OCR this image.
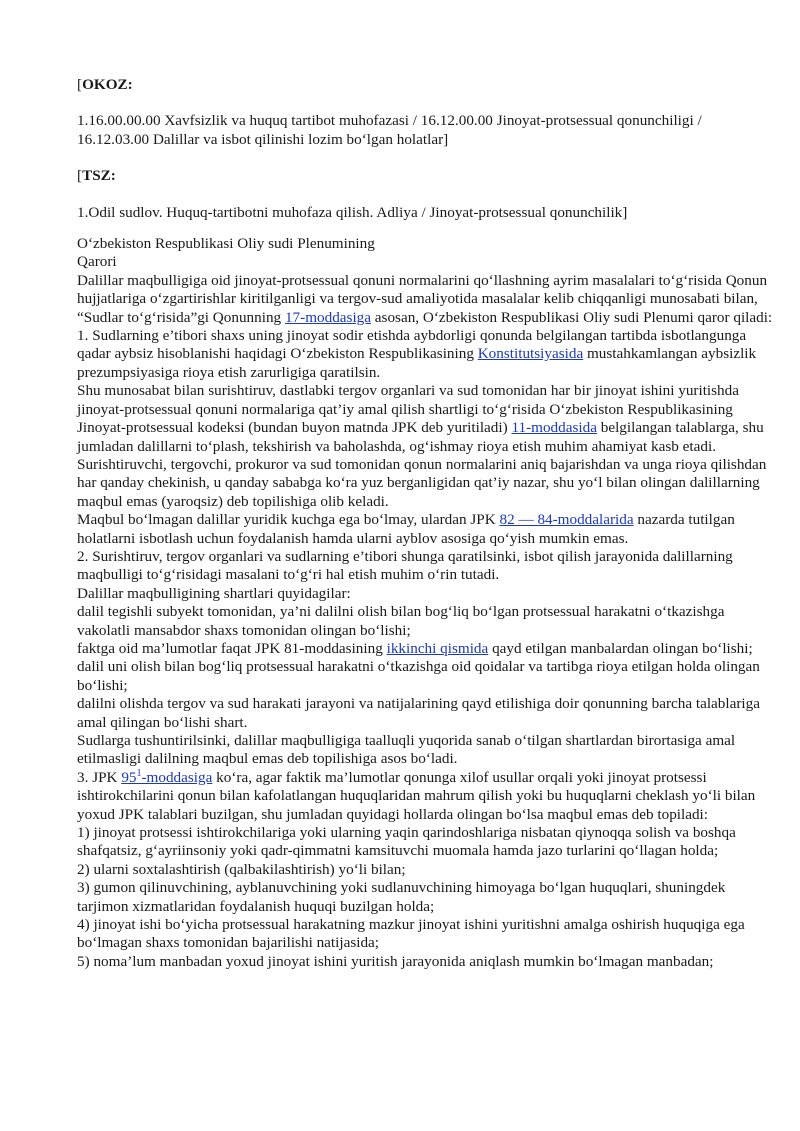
[OKOZ:

1.16.00.00.00 Xavfsizlik va huquq tartibot muhofazasi / 16.12.00.00 Jinoyat-protsessual qonunchiligi / 16.12.03.00 Dalillar va isbot qilinishi lozim bo‘lgan holatlar]

[TSZ:

1.Odil sudlov. Huquq-tartibotni muhofaza qilish. Adliya / Jinoyat-protsessual qonunchilik]

O‘zbekiston Respublikasi Oliy sudi Plenumining

Qarori

Dalillar maqbulligiga oid jinoyat-protsessual qonuni normalarini qo‘llashning ayrim masalalari to‘g‘risida Qonun hujjatlariga o‘zgartirishlar kiritilganligi va tergov-sud amaliyotida masalalar kelib chiqqanligi munosabati bilan, “Sudlar to‘g‘risida”gi Qonunning 17-moddasiga asosan, O‘zbekiston Respublikasi Oliy sudi Plenumi qaror qiladi:

1. Sudlarning e’tibori shaxs uning jinoyat sodir etishda aybdorligi qonunda belgilangan tartibda isbotlangunga qadar aybsiz hisoblanishi haqidagi O‘zbekiston Respublikasining Konstitutsiyasida mustahkamlangan aybsizlik prezumpsiyasiga rioya etish zarurligiga qaratilsin.

Shu munosabat bilan surishtiruv, dastlabki tergov organlari va sud tomonidan har bir jinoyat ishini yuritishda jinoyat-protsessual qonuni normalariga qat’iy amal qilish shartligi to‘g‘risida O‘zbekiston Respublikasining Jinoyat-protsessual kodeksi (bundan buyon matnda JPK deb yuritiladi) 11-moddasida belgilangan talablarga, shu jumladan dalillarni to‘plash, tekshirish va baholashda, og‘ishmay rioya etish muhim ahamiyat kasb etadi.

Surishtiruvchi, tergovchi, prokuror va sud tomonidan qonun normalarini aniq bajarishdan va unga rioya qilishdan har qanday chekinish, u qanday sababga ko‘ra yuz berganligidan qat’iy nazar, shu yo‘l bilan olingan dalillarning maqbul emas (yaroqsiz) deb topilishiga olib keladi.

Maqbul bo‘lmagan dalillar yuridik kuchga ega bo‘lmay, ulardan JPK 82 — 84-moddalarida nazarda tutilgan holatlarni isbotlash uchun foydalanish hamda ularni ayblov asosiga qo‘yish mumkin emas.

2. Surishtiruv, tergov organlari va sudlarning e’tibori shunga qaratilsinki, isbot qilish jarayonida dalillarning maqbulligi to‘g‘risidagi masalani to‘g‘ri hal etish muhim o‘rin tutadi.

Dalillar maqbulligining shartlari quyidagilar:

dalil tegishli subyekt tomonidan, ya’ni dalilni olish bilan bog‘liq bo‘lgan protsessual harakatni o‘tkazishga vakolatli mansabdor shaxs tomonidan olingan bo‘lishi;

faktga oid ma’lumotlar faqat JPK 81-moddasining ikkinchi qismida qayd etilgan manbalardan olingan bo‘lishi;

dalil uni olish bilan bog‘liq protsessual harakatni o‘tkazishga oid qoidalar va tartibga rioya etilgan holda olingan bo‘lishi;

dalilni olishda tergov va sud harakati jarayoni va natijalarining qayd etilishiga doir qonunning barcha talablariga amal qilingan bo‘lishi shart.

Sudlarga tushuntirilsinki, dalillar maqbulligiga taalluqli yuqorida sanab o‘tilgan shartlardan birortasiga amal etilmasligi dalilning maqbul emas deb topilishiga asos bo‘ladi.

3. JPK 95$^1$-moddasiga ko‘ra, agar faktik ma’lumotlar qonunga xilof usullar orqali yoki jinoyat protsessi ishtirokchilarini qonun bilan kafolatlangan huquqlaridan mahrum qilish yoki bu huquqlarni cheklash yo‘li bilan yoxud JPK talablari buzilgan, shu jumladan quyidagi hollarda olingan bo‘lsa maqbul emas deb topiladi:

1) jinoyat protsessi ishtirokchilariga yoki ularning yaqin qarindoshlariga nisbatan qiynoqqa solish va boshqa shafqatsiz, g‘ayriinsoniy yoki qadr-qimmatni kamsituvchi muomala hamda jazo turlarini qo‘llagan holda;

2) ularni soxtalashtirish (qalbakilashtirish) yo‘li bilan;

3) gumon qilinuvchining, ayblanuvchining yoki sudlanuvchining himoyaga bo‘lgan huquqlari, shuningdek tarjimon xizmatlaridan foydalanish huquqi buzilgan holda;

4) jinoyat ishi bo‘yicha protsessual harakatning mazkur jinoyat ishini yuritishni amalga oshirish huquqiga ega bo‘lmagan shaxs tomonidan bajarilishi natijasida;

5) noma’lum manbadan yoxud jinoyat ishini yuritish jarayonida aniqlash mumkin bo‘lmagan manbadan;
